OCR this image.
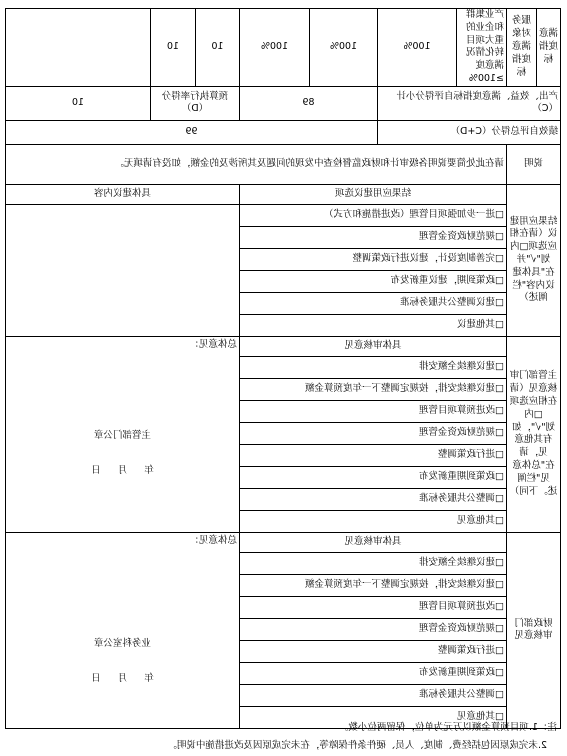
满意度指标	服务对象满意度指标	产业集群和企业的重大项目转化情况满意度≥100%	100%	100%	100%	10	10	
产出、效益、满意度指标自评得分小计（C）				89		预算执行率得分（D）		10
绩效自评总得分（C+D）				99				
说明		请在此处简要说明各级审计和财政监督检查中发现的问题及其所涉及的金额，如没有请填无。						
结果应用建议（请在相应选项□内划"√"并在"具体建议内容"栏阐述）		结果应用建议选项				具体建议内容		
		□进一步加强项目管理（改进措施和方式）						
		□规范财政资金管理						
		□完善制度设计，建议进行政策调整						
		□政策到期，建议重新发布						
		□建议调整公共服务标准						
		□其他建议						
主管部门审核意见（请在相应选项□内划"√"，如有其他意见，请在"总体意见"栏阐述。下同）		具体审核意见				总体意见：
主管部门公章
年 月 日		

		□建议继续全额安排						
		□建议继续安排，按规定调整下一年度预算金额						
		□改进预算项目管理						
		□规范财政资金管理						
		□进行政策调整						
		□政策到期重新发布						
		□调整公共服务标准						
		□其他意见						
财政部门审核意见		具体审核意见				总体意见：
业务科室公章
年 月 日		

		□建议继续全额安排						
		□建议继续安排，按规定调整下一年度预算金额						
		□改进预算项目管理						
		□规范财政资金管理						
		□进行政策调整						
		□政策到期重新发布						
		□调整公共服务标准						
		□其他意见						
注：1.项目预算金额以万元为单位，保留两位小数。
2.未完成原因包括经费、制度、人员、硬件条件保障等，在未完成原因及改进措施中说明。
